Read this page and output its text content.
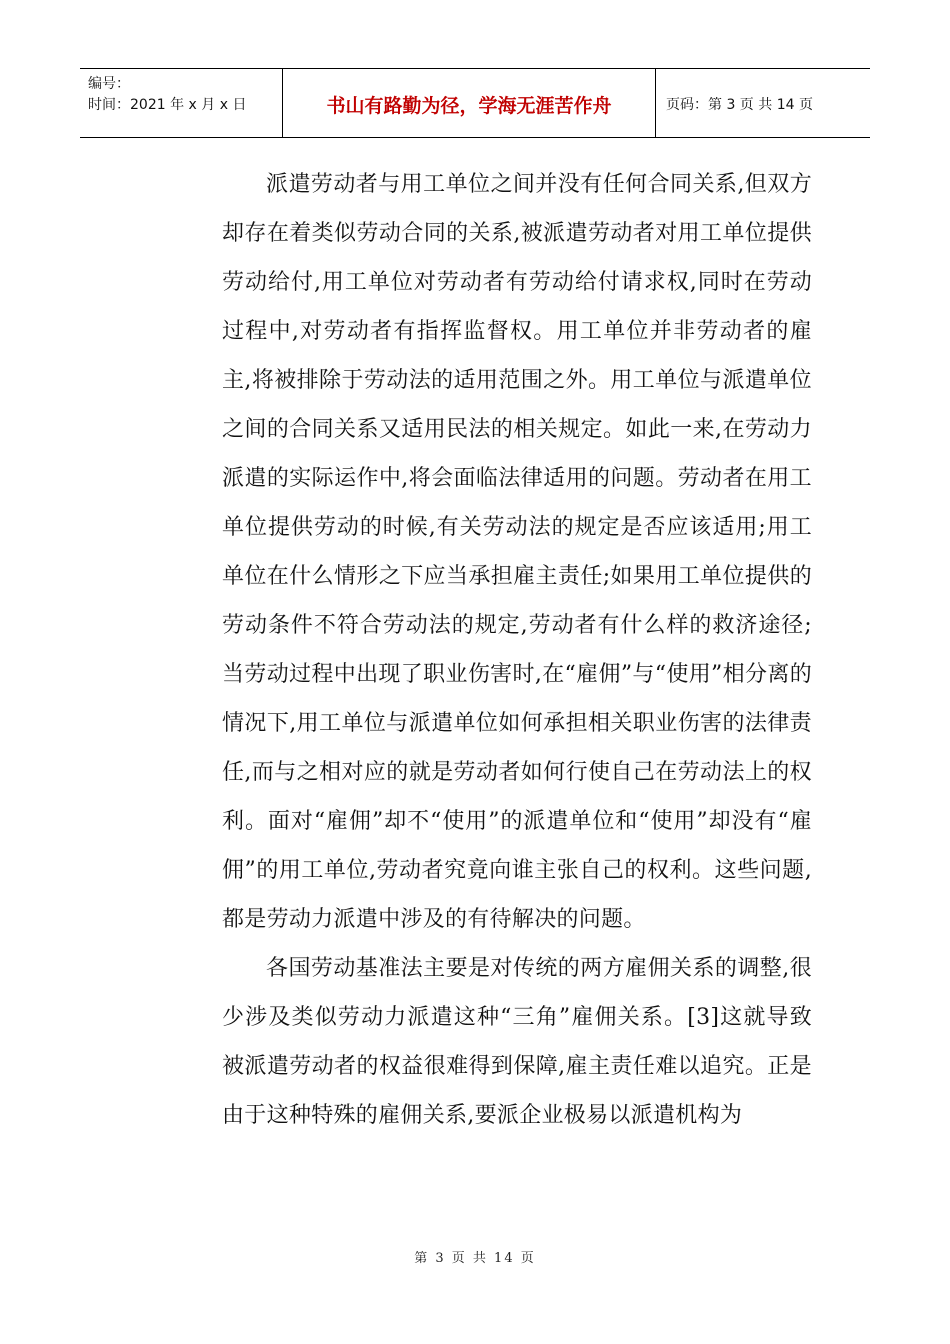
编号：
时间：2021 年 x 月 x 日	书山有路勤为径，学海无涯苦作舟	页码：第 3 页 共 14 页

派遣劳动者与用工单位之间并没有任何合同关系,但双方却存在着类似劳动合同的关系,被派遣劳动者对用工单位提供劳动给付,用工单位对劳动者有劳动给付请求权,同时在劳动过程中,对劳动者有指挥监督权。用工单位并非劳动者的雇主,将被排除于劳动法的适用范围之外。用工单位与派遣单位之间的合同关系又适用民法的相关规定。如此一来,在劳动力派遣的实际运作中,将会面临法律适用的问题。劳动者在用工单位提供劳动的时候,有关劳动法的规定是否应该适用;用工单位在什么情形之下应当承担雇主责任;如果用工单位提供的劳动条件不符合劳动法的规定,劳动者有什么样的救济途径;当劳动过程中出现了职业伤害时,在“雇佣”与“使用”相分离的情况下,用工单位与派遣单位如何承担相关职业伤害的法律责任,而与之相对应的就是劳动者如何行使自己在劳动法上的权利。面对“雇佣”却不“使用”的派遣单位和“使用”却没有“雇佣”的用工单位,劳动者究竟向谁主张自己的权利。这些问题,都是劳动力派遣中涉及的有待解决的问题。

各国劳动基准法主要是对传统的两方雇佣关系的调整,很少涉及类似劳动力派遣这种“三角”雇佣关系。[3]这就导致被派遣劳动者的权益很难得到保障,雇主责任难以追究。正是由于这种特殊的雇佣关系,要派企业极易以派遣机构为

第 3 页 共 14 页
